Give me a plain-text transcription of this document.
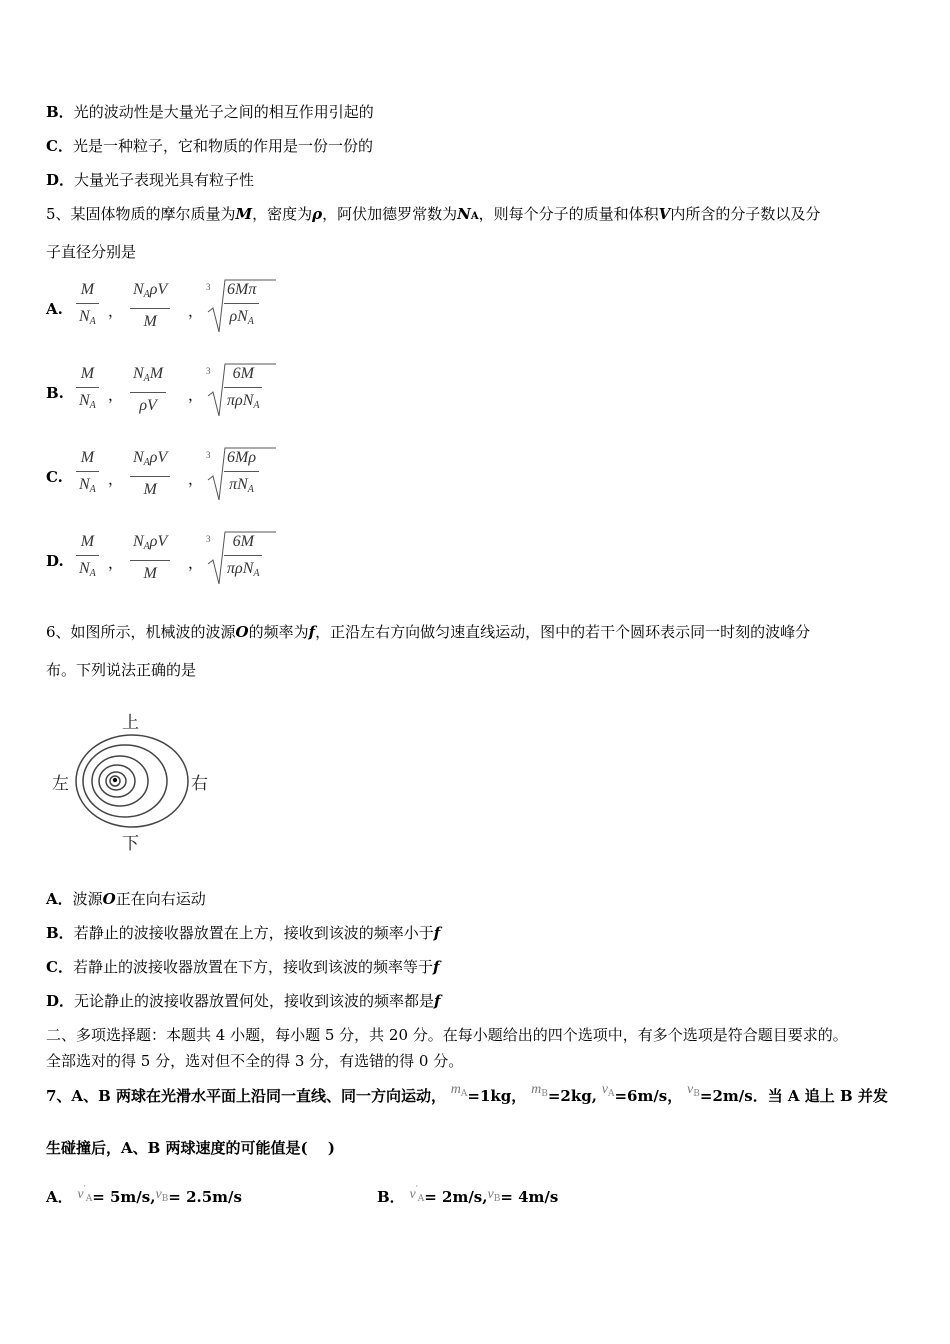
B．光的波动性是大量光子之间的相互作用引起的
C．光是一种粒子，它和物质的作用是一份一份的
D．大量光子表现光具有粒子性
5、某固体物质的摩尔质量为M，密度为ρ，阿伏加德罗常数为NA，则每个分子的质量和体积V内所含的分子数以及分
子直径分别是
A.
M
$N_A$
，
$N_A\rho V$
M
，
3 6Mπ
$\rho N_A$
B.
M
$N_A$
，
$N_AM$
ρV
，
3 6M
πρN$_A$
C.
M
$N_A$
，
$N_A\rho V$
M
，
3 6Mρ
$\pi N_A$
D.
M
$N_A$
，
$N_A\rho V$
M
，
3 6M
πρN$_A$
6、如图所示，机械波的波源O的频率为f，正沿左右方向做匀速直线运动，图中的若干个圆环表示同一时刻的波峰分
布。下列说法正确的是
上
下
左	右
A．波源O正在向右运动
B．若静止的波接收器放置在上方，接收到该波的频率小于f
C．若静止的波接收器放置在下方，接收到该波的频率等于f
D．无论静止的波接收器放置何处，接收到该波的频率都是f
二、多项选择题：本题共 4 小题，每小题 5 分，共 20 分。在每小题给出的四个选项中，有多个选项是符合题目要求的。
全部选对的得 5 分，选对但不全的得 3 分，有选错的得 0 分。
7、A、B 两球在光滑水平面上沿同一直线、同一方向运动， $m_A=1kg$， $m_B=2kg$, $v_A=6m/s$， $v_B=2m/s$．当 A 追上 B 并发
生碰撞后，A、B 两球速度的可能值是(　 )
A． $v'_A= 5m/s,v_B= 2.5m/s$	B． $v'_A= 2m/s,v_B= 4m/s$
